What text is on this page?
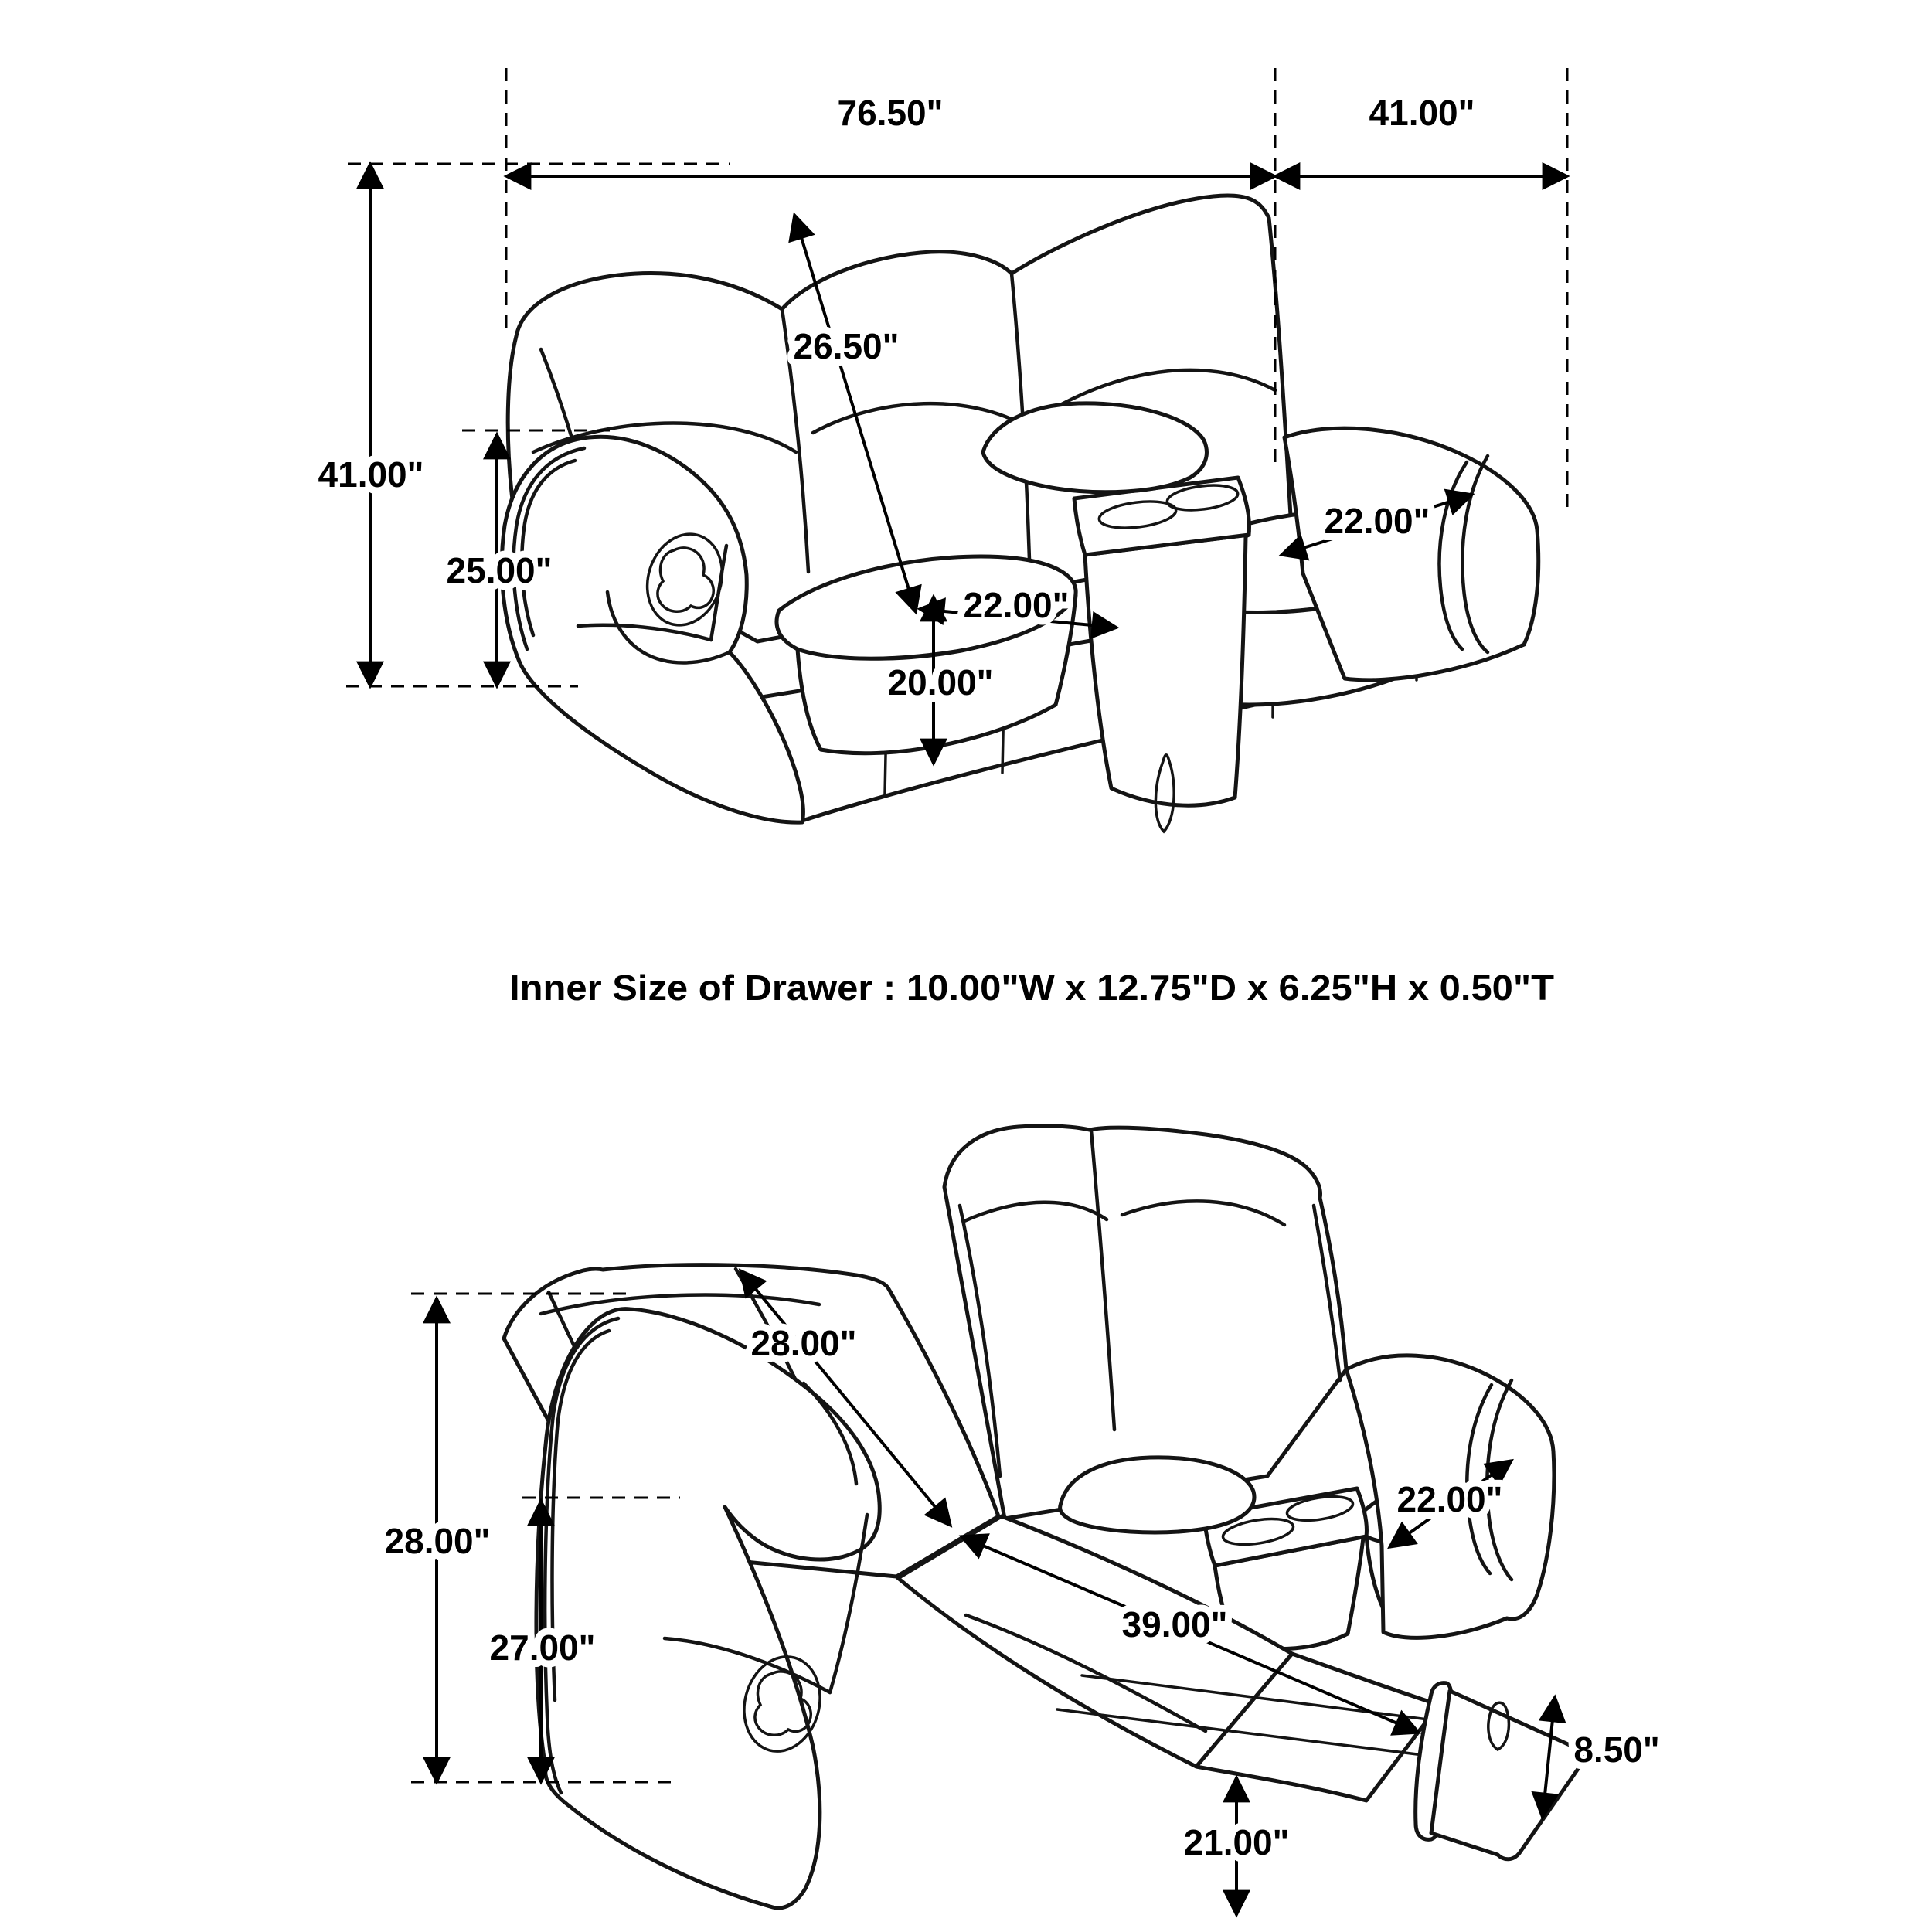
76.50"	41.00"
41.00"
25.00"
26.50"
22.00"
22.00"
20.00"
Inner Size of Drawer : 10.00"W x 12.75"D x 6.25"H x 0.50"T
28.00"
27.00"
28.00"
39.00"
22.00"
8.50"
21.00"
